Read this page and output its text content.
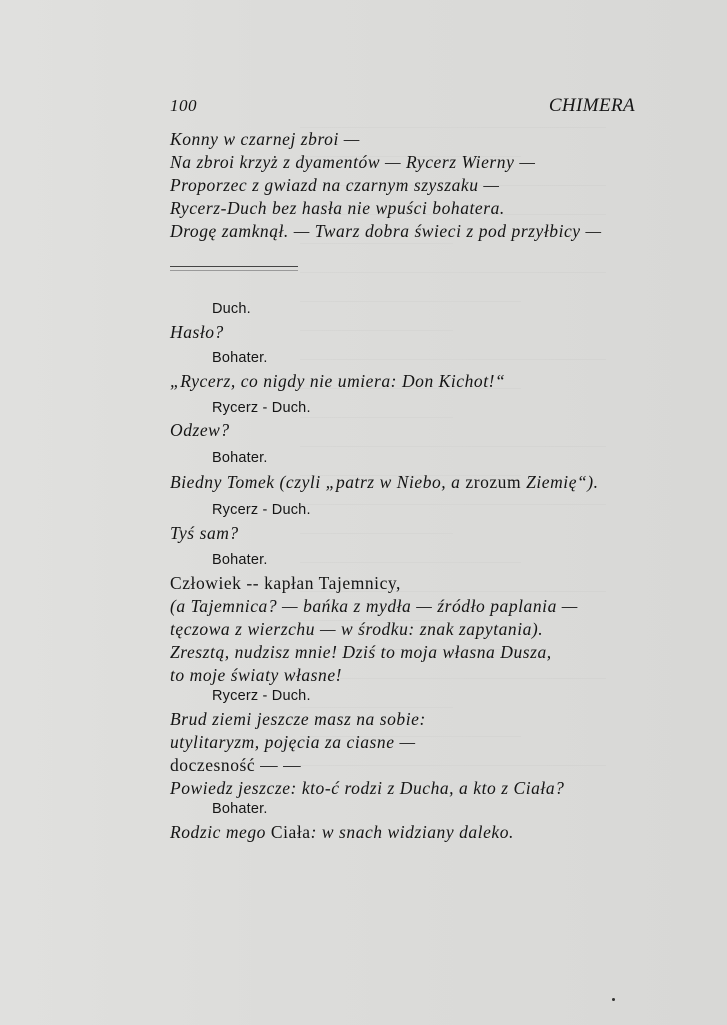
100	CHIMERA
Konny w czarnej zbroi —
Na zbroi krzyż z dyamentów — Rycerz Wierny —
Proporzec z gwiazd na czarnym szyszaku —
Rycerz-Duch bez hasła nie wpuści bohatera.
Drogę zamknął. — Twarz dobra świeci z pod przyłbicy —
Duch.
Hasło?
Bohater.
„Rycerz, co nigdy nie umiera: Don Kichot!“
Rycerz - Duch.
Odzew?
Bohater.
Biedny Tomek (czyli „patrz w Niebo, a zrozum Ziemię“).
Rycerz - Duch.
Tyś sam?
Bohater.
Człowiek -- kapłan Tajemnicy,
(a Tajemnica? — bańka z mydła — źródło paplania —
tęczowa z wierzchu — w środku: znak zapytania).
Zresztą, nudzisz mnie! Dziś to moja własna Dusza,
to moje światy własne!
Rycerz - Duch.
Brud ziemi jeszcze masz na sobie:
utylitaryzm, pojęcia za ciasne —
doczesność — —
Powiedz jeszcze: kto-ć rodzi z Ducha, a kto z Ciała?
Bohater.
Rodzic mego Ciała: w snach widziany daleko.
